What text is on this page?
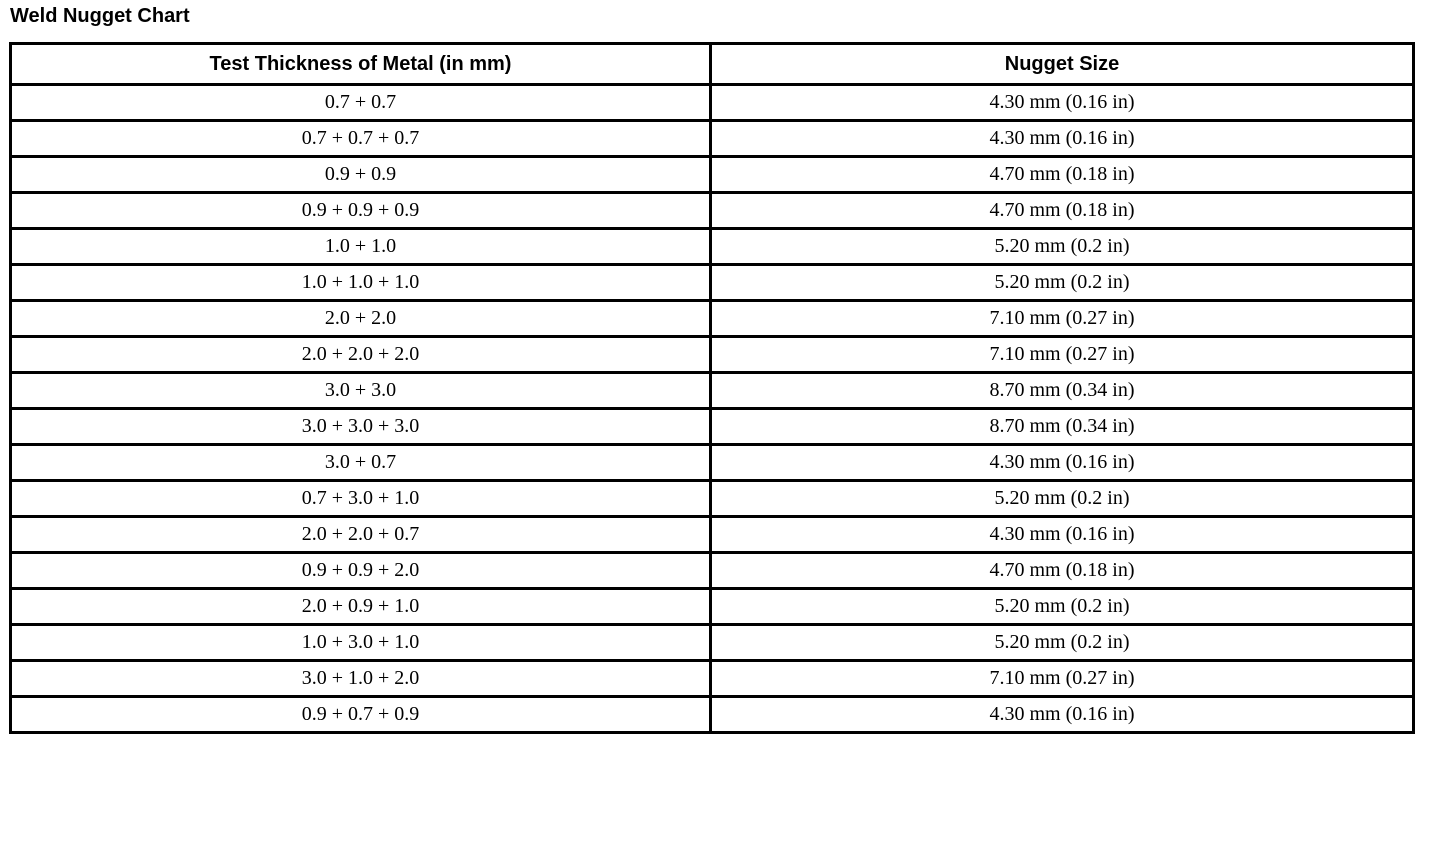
Weld Nugget Chart
Test Thickness of Metal (in mm)	Nugget Size
0.7 + 0.7	4.30 mm (0.16 in)
0.7 + 0.7 + 0.7	4.30 mm (0.16 in)
0.9 + 0.9	4.70 mm (0.18 in)
0.9 + 0.9 + 0.9	4.70 mm (0.18 in)
1.0 + 1.0	5.20 mm (0.2 in)
1.0 + 1.0 + 1.0	5.20 mm (0.2 in)
2.0 + 2.0	7.10 mm (0.27 in)
2.0 + 2.0 + 2.0	7.10 mm (0.27 in)
3.0 + 3.0	8.70 mm (0.34 in)
3.0 + 3.0 + 3.0	8.70 mm (0.34 in)
3.0 + 0.7	4.30 mm (0.16 in)
0.7 + 3.0 + 1.0	5.20 mm (0.2 in)
2.0 + 2.0 + 0.7	4.30 mm (0.16 in)
0.9 + 0.9 + 2.0	4.70 mm (0.18 in)
2.0 + 0.9 + 1.0	5.20 mm (0.2 in)
1.0 + 3.0 + 1.0	5.20 mm (0.2 in)
3.0 + 1.0 + 2.0	7.10 mm (0.27 in)
0.9 + 0.7 + 0.9	4.30 mm (0.16 in)
